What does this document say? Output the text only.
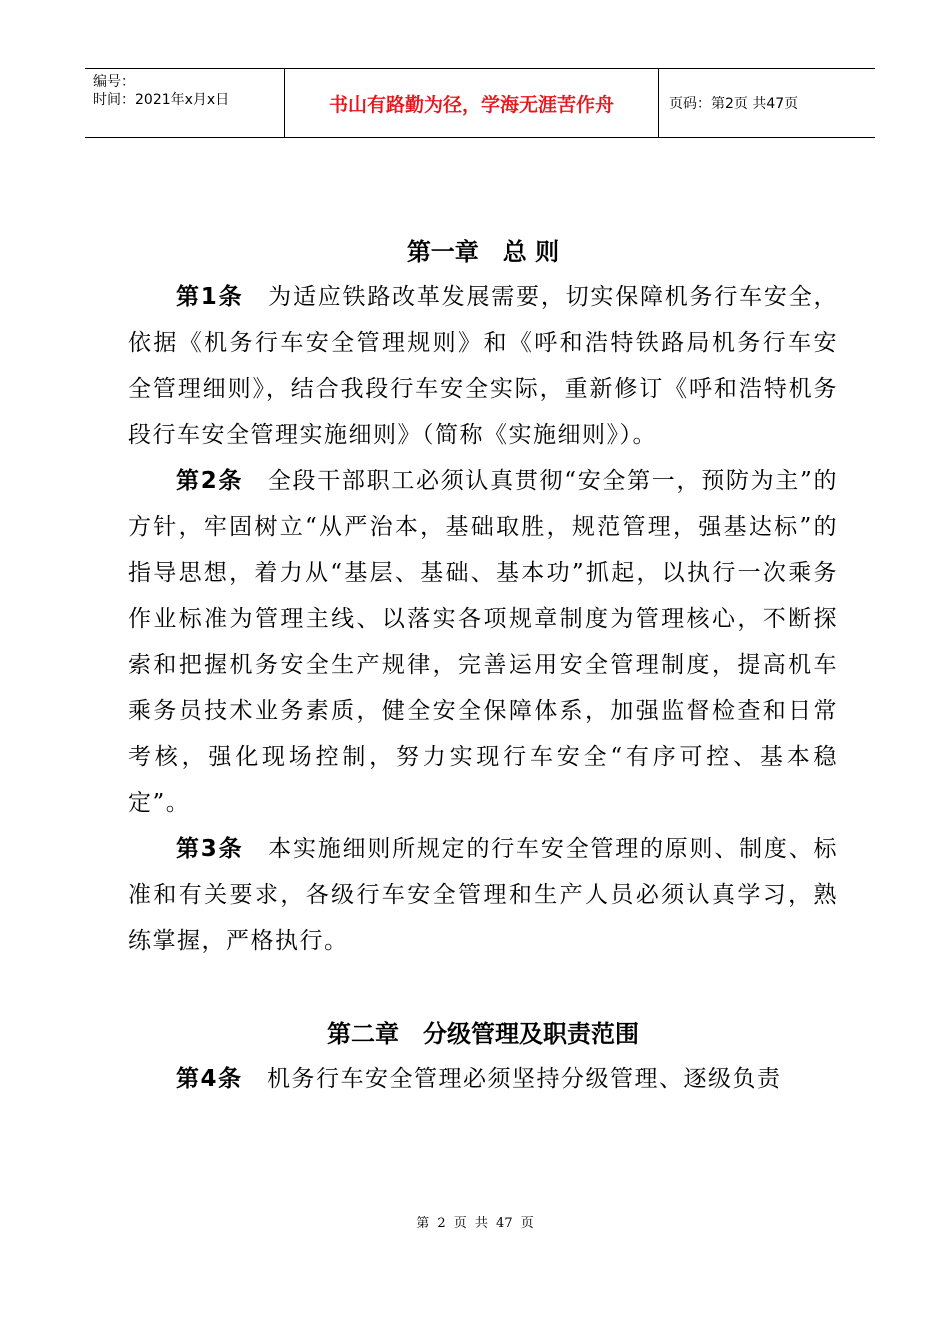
编号：
时间：2021年x月x日	书山有路勤为径，学海无涯苦作舟	页码：第2页 共47页
第一章　总 则

第1条　为适应铁路改革发展需要，切实保障机务行车安全，依据《机务行车安全管理规则》和《呼和浩特铁路局机务行车安全管理细则》，结合我段行车安全实际，重新修订《呼和浩特机务段行车安全管理实施细则》（简称《实施细则》）。

第2条　全段干部职工必须认真贯彻“安全第一，预防为主”的方针，牢固树立“从严治本，基础取胜，规范管理，强基达标”的指导思想，着力从“基层、基础、基本功”抓起，以执行一次乘务作业标准为管理主线、以落实各项规章制度为管理核心，不断探索和把握机务安全生产规律，完善运用安全管理制度，提高机车乘务员技术业务素质，健全安全保障体系，加强监督检查和日常考核，强化现场控制，努力实现行车安全“有序可控、基本稳定”。

第3条　本实施细则所规定的行车安全管理的原则、制度、标准和有关要求，各级行车安全管理和生产人员必须认真学习，熟练掌握，严格执行。

第二章　分级管理及职责范围

第4条　机务行车安全管理必须坚持分级管理、逐级负责

第 2 页 共 47 页
